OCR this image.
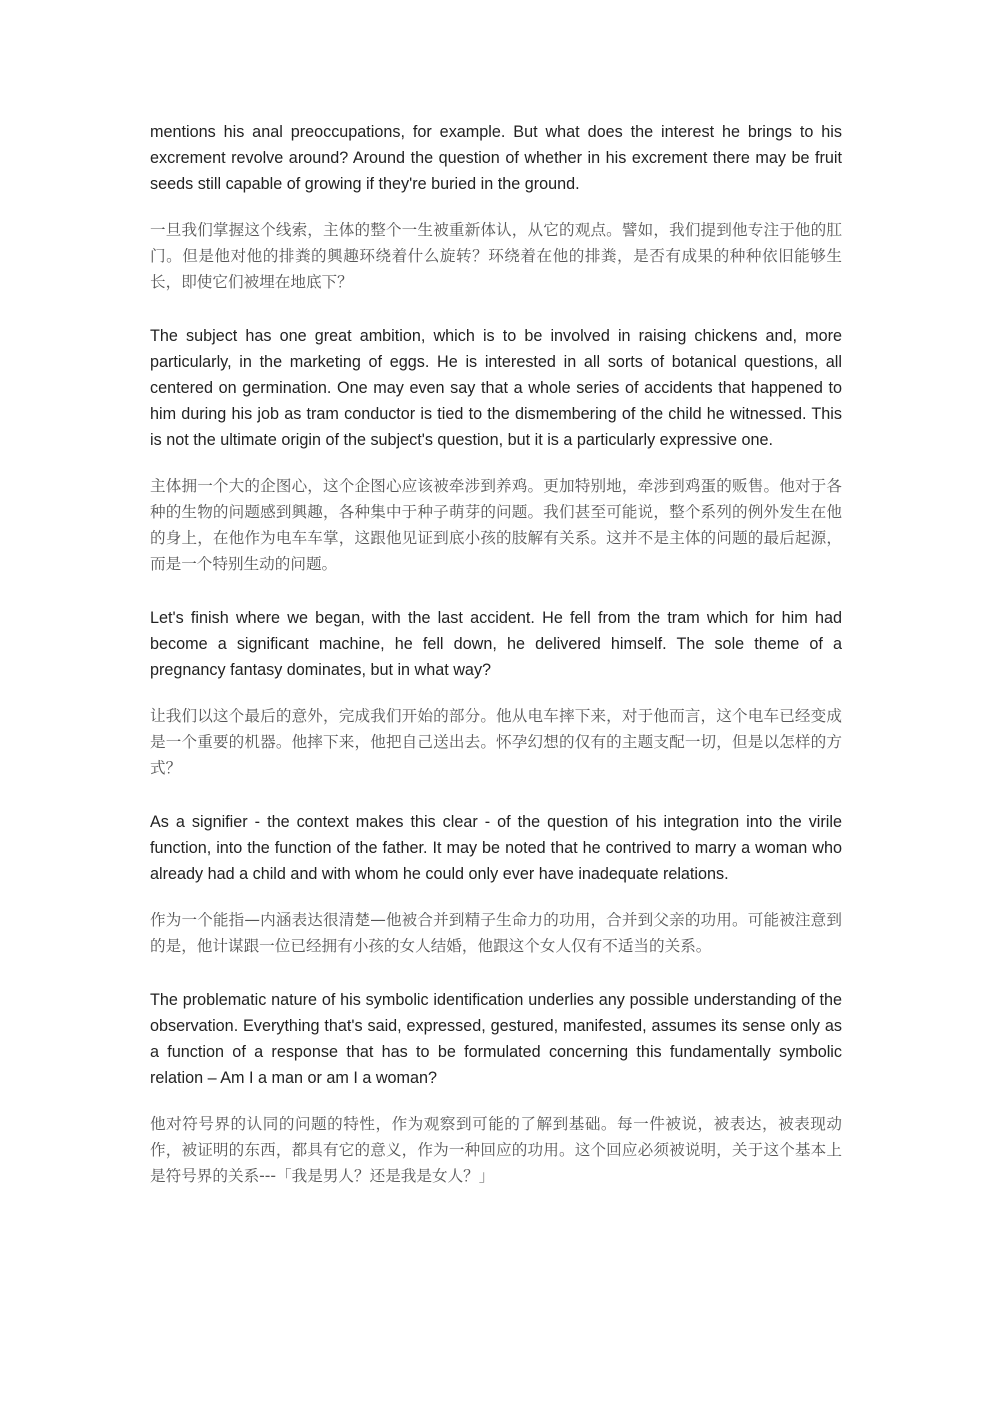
mentions his anal preoccupations, for example. But what does the interest he brings to his excrement revolve around? Around the question of whether in his excrement there may be fruit seeds still capable of growing if they're buried in the ground.

一旦我们掌握这个线索，主体的整个一生被重新体认，从它的观点。譬如，我们提到他专注于他的肛门。但是他对他的排粪的興趣环绕着什么旋转？环绕着在他的排粪，是否有成果的种种依旧能够生长，即使它们被埋在地底下？

The subject has one great ambition, which is to be involved in raising chickens and, more particularly, in the marketing of eggs. He is interested in all sorts of botanical questions, all centered on germination. One may even say that a whole series of accidents that happened to him during his job as tram conductor is tied to the dismembering of the child he witnessed. This is not the ultimate origin of the subject's question, but it is a particularly expressive one.

主体拥一个大的企图心，这个企图心应该被牵涉到养鸡。更加特别地，牵涉到鸡蛋的贩售。他对于各种的生物的问题感到興趣，各种集中于种子萌芽的问题。我们甚至可能说，整个系列的例外发生在他的身上，在他作为电车车掌，这跟他见证到底小孩的肢解有关系。这并不是主体的问题的最后起源，而是一个特别生动的问题。

Let's finish where we began, with the last accident. He fell from the tram which for him had become a significant machine, he fell down, he delivered himself. The sole theme of a pregnancy fantasy dominates, but in what way?

让我们以这个最后的意外，完成我们开始的部分。他从电车摔下来，对于他而言，这个电车已经变成是一个重要的机器。他摔下来，他把自己送出去。怀孕幻想的仅有的主题支配一切，但是以怎样的方式？

As a signifier - the context makes this clear - of the question of his integration into the virile function, into the function of the father. It may be noted that he contrived to marry a woman who already had a child and with whom he could only ever have inadequate relations.

作为一个能指—内涵表达很清楚—他被合并到精子生命力的功用，合并到父亲的功用。可能被注意到的是，他计谋跟一位已经拥有小孩的女人结婚，他跟这个女人仅有不适当的关系。

The problematic nature of his symbolic identification underlies any possible understanding of the observation. Everything that's said, expressed, gestured, manifested, assumes its sense only as a function of a response that has to be formulated concerning this fundamentally symbolic relation – Am I a man or am I a woman?

他对符号界的认同的问题的特性，作为观察到可能的了解到基础。每一件被说，被表达，被表现动作，被证明的东西，都具有它的意义，作为一种回应的功用。这个回应必须被说明，关于这个基本上是符号界的关系---「我是男人？还是我是女人？」
